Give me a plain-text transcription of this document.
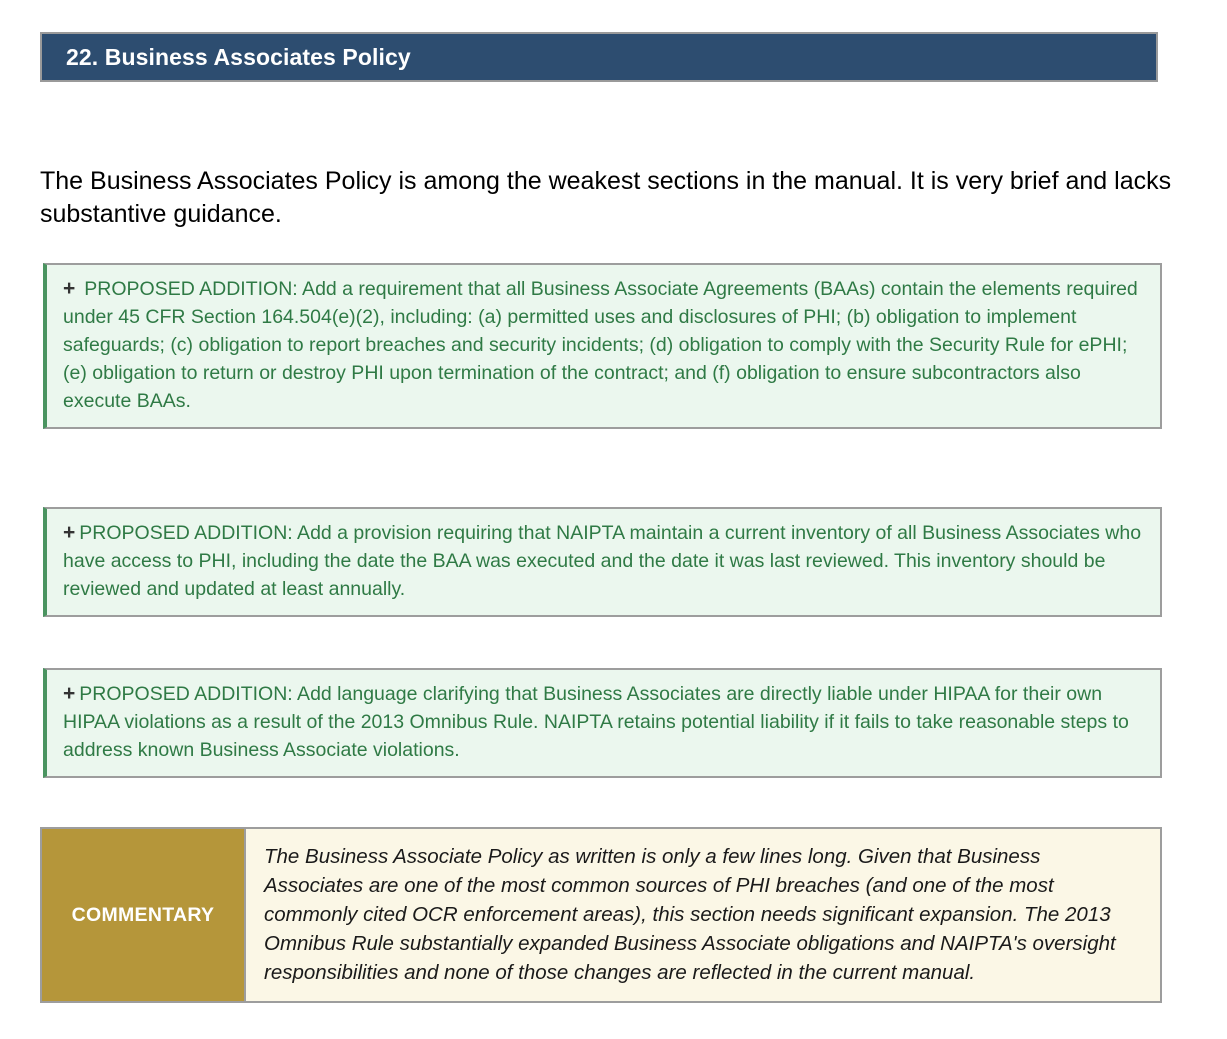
22. Business Associates Policy

The Business Associates Policy is among the weakest sections in the manual. It is very brief and lacks substantive guidance.

+ PROPOSED ADDITION: Add a requirement that all Business Associate Agreements (BAAs) contain the elements required under 45 CFR Section 164.504(e)(2), including: (a) permitted uses and disclosures of PHI; (b) obligation to implement safeguards; (c) obligation to report breaches and security incidents; (d) obligation to comply with the Security Rule for ePHI; (e) obligation to return or destroy PHI upon termination of the contract; and (f) obligation to ensure subcontractors also execute BAAs.
+ PROPOSED ADDITION: Add a provision requiring that NAIPTA maintain a current inventory of all Business Associates who have access to PHI, including the date the BAA was executed and the date it was last reviewed. This inventory should be reviewed and updated at least annually.
+ PROPOSED ADDITION: Add language clarifying that Business Associates are directly liable under HIPAA for their own HIPAA violations as a result of the 2013 Omnibus Rule. NAIPTA retains potential liability if it fails to take reasonable steps to address known Business Associate violations.
COMMENTARY
The Business Associate Policy as written is only a few lines long. Given that Business Associates are one of the most common sources of PHI breaches (and one of the most commonly cited OCR enforcement areas), this section needs significant expansion. The 2013 Omnibus Rule substantially expanded Business Associate obligations and NAIPTA's oversight responsibilities and none of those changes are reflected in the current manual.
